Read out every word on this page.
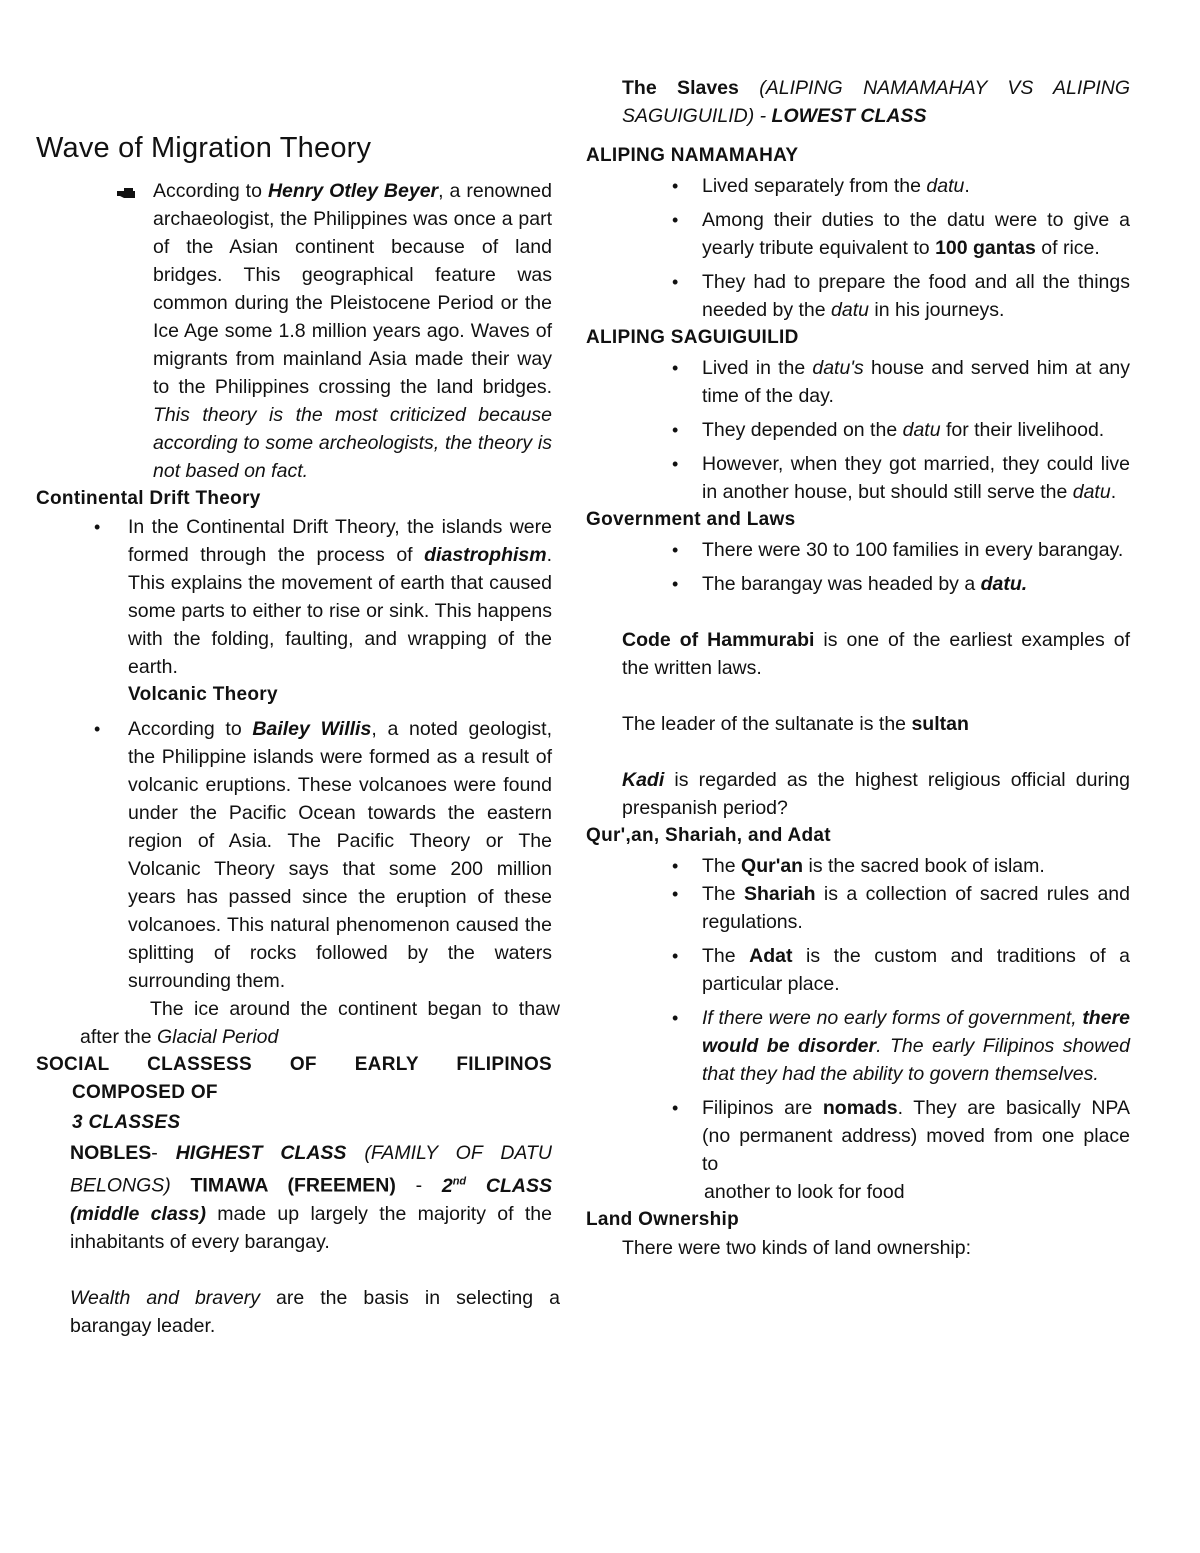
Wave of Migration Theory
According to Henry Otley Beyer, a renowned archaeologist, the Philippines was once a part of the Asian continent because of land bridges. This geographical feature was common during the Pleistocene Period or the Ice Age some 1.8 million years ago. Waves of migrants from mainland Asia made their way to the Philippines crossing the land bridges. This theory is the most criticized because according to some archeologists, the theory is not based on fact.
Continental Drift Theory
• In the Continental Drift Theory, the islands were formed through the process of diastrophism. This explains the movement of earth that caused some parts to either to rise or sink. This happens with the folding, faulting, and wrapping of the earth.
Volcanic Theory
• According to Bailey Willis, a noted geologist, the Philippine islands were formed as a result of volcanic eruptions. These volcanoes were found under the Pacific Ocean towards the eastern region of Asia. The Pacific Theory or The Volcanic Theory says that some 200 million years has passed since the eruption of these volcanoes. This natural phenomenon caused the splitting of rocks followed by the waters surrounding them.
The ice around the continent began to thaw after the Glacial Period
SOCIAL CLASSESS OF EARLY FILIPINOS
COMPOSED OF
3 CLASSES
NOBLES- HIGHEST CLASS (FAMILY OF DATU BELONGS) TIMAWA (FREEMEN) - 2nd CLASS (middle class) made up largely the majority of the inhabitants of every barangay.
Wealth and bravery are the basis in selecting a barangay leader.
The Slaves (ALIPING NAMAMAHAY VS ALIPING SAGUIGUILID) - LOWEST CLASS
ALIPING NAMAMAHAY
• Lived separately from the datu.
• Among their duties to the datu were to give a yearly tribute equivalent to 100 gantas of rice.
• They had to prepare the food and all the things needed by the datu in his journeys.
ALIPING SAGUIGUILID
• Lived in the datu's house and served him at any time of the day.
• They depended on the datu for their livelihood.
• However, when they got married, they could live in another house, but should still serve the datu.
Government and Laws
• There were 30 to 100 families in every barangay.
• The barangay was headed by a datu.
Code of Hammurabi is one of the earliest examples of the written laws.
The leader of the sultanate is the sultan
Kadi is regarded as the highest religious official during prespanish period?
Qur',an, Shariah, and Adat
• The Qur'an is the sacred book of islam.
• The Shariah is a collection of sacred rules and regulations.
• The Adat is the custom and traditions of a particular place.
• If there were no early forms of government, there would be disorder. The early Filipinos showed that they had the ability to govern themselves.
• Filipinos are nomads. They are basically NPA (no permanent address) moved from one place to
another to look for food
Land Ownership
There were two kinds of land ownership:
